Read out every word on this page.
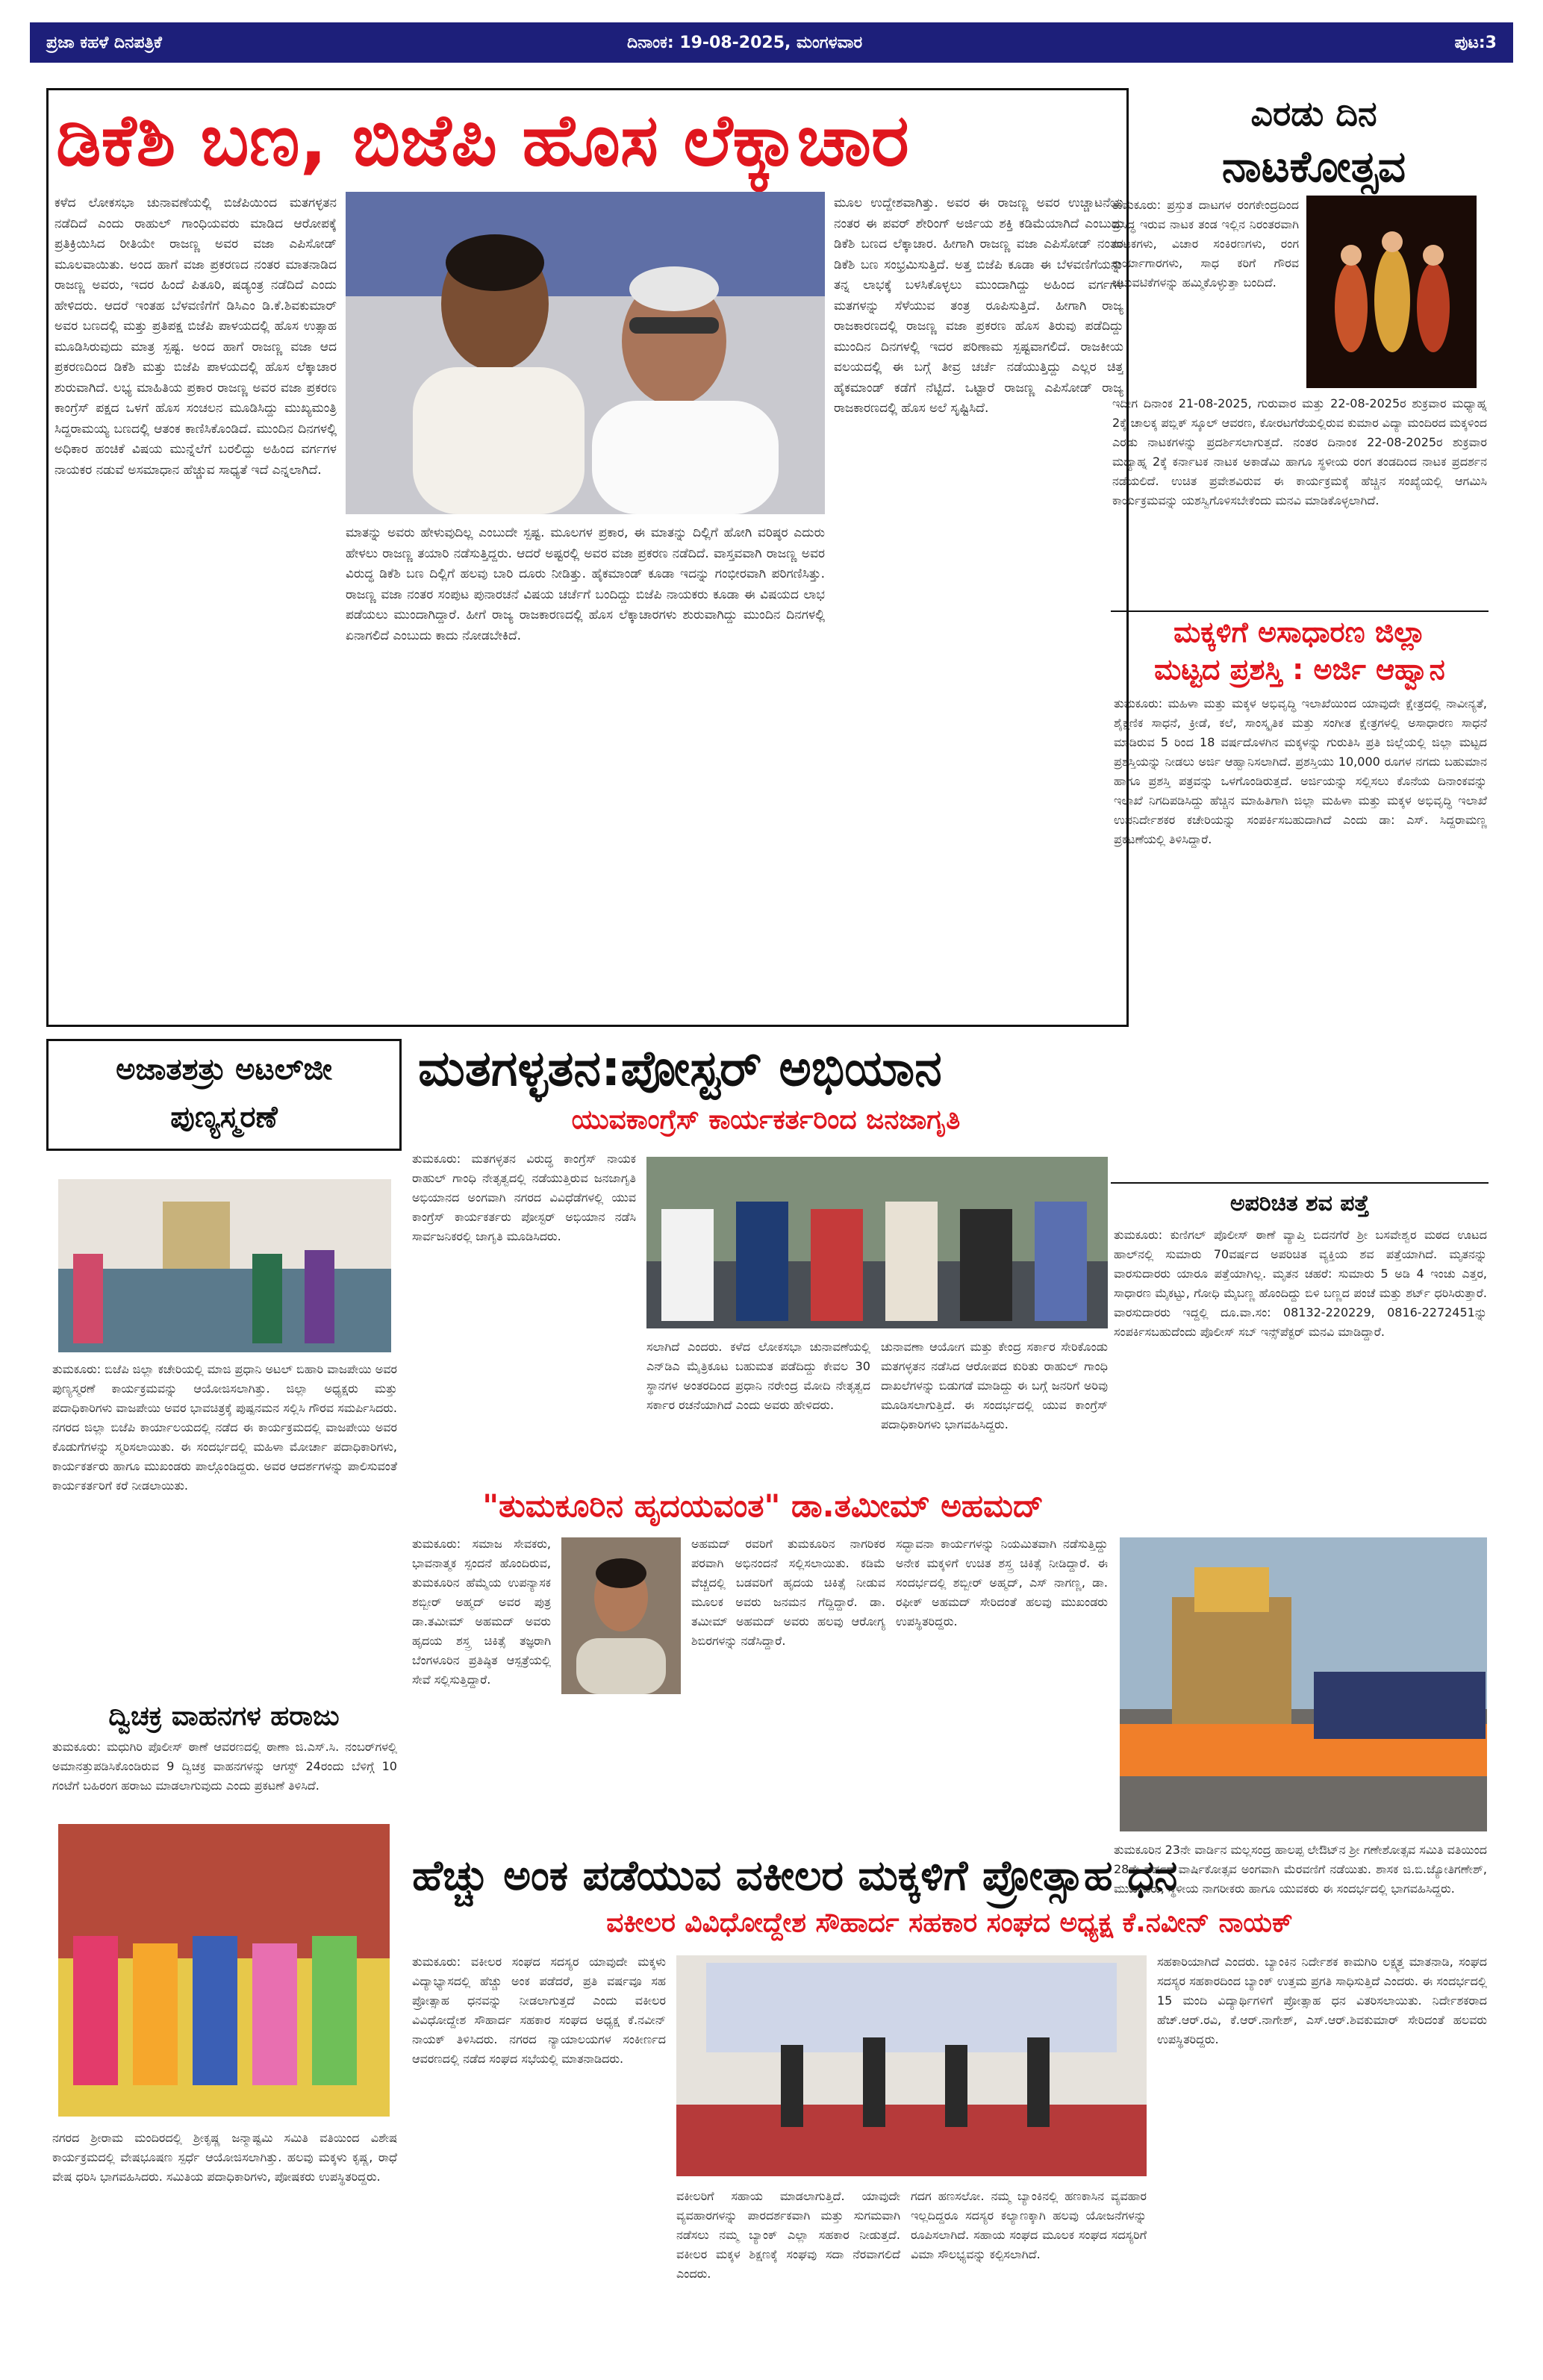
ಪ್ರಜಾ ಕಹಳೆ ದಿನಪತ್ರಿಕೆ	ದಿನಾಂಕ: 19-08-2025, ಮಂಗಳವಾರ	ಪುಟ:3
ಡಿಕೆಶಿ ಬಣ, ಬಿಜೆಪಿ ಹೊಸ ಲೆಕ್ಕಾಚಾರ
ಕಳೆದ ಲೋಕಸಭಾ ಚುನಾವಣೆಯಲ್ಲಿ ಬಿಜೆಪಿಯಿಂದ ಮತಗಳ್ಳತನ ನಡೆದಿದೆ ಎಂದು ರಾಹುಲ್ ಗಾಂಧಿಯವರು ಮಾಡಿದ ಆರೋಪಕ್ಕೆ ಪ್ರತಿಕ್ರಿಯಿಸಿದ ರೀತಿಯೇ ರಾಜಣ್ಣ ಅವರ ವಜಾ ಎಪಿಸೋಡ್ ಮೂಲವಾಯಿತು. ಅಂದ ಹಾಗೆ ವಜಾ ಪ್ರಕರಣದ ನಂತರ ಮಾತನಾಡಿದ ರಾಜಣ್ಣ ಅವರು, ಇದರ ಹಿಂದೆ ಪಿತೂರಿ, ಷಡ್ಯಂತ್ರ ನಡೆದಿದೆ ಎಂದು ಹೇಳಿದರು. ಆದರೆ ಇಂತಹ ಬೆಳವಣಿಗೆಗೆ ಡಿಸಿಎಂ ಡಿ.ಕೆ.ಶಿವಕುಮಾರ್ ಅವರ ಬಣದಲ್ಲಿ ಮತ್ತು ಪ್ರತಿಪಕ್ಷ ಬಿಜೆಪಿ ಪಾಳಯದಲ್ಲಿ ಹೊಸ ಉತ್ಸಾಹ ಮೂಡಿಸಿರುವುದು ಮಾತ್ರ ಸ್ಪಷ್ಟ. ಅಂದ ಹಾಗೆ ರಾಜಣ್ಣ ವಜಾ ಆದ ಪ್ರಕರಣದಿಂದ ಡಿಕೆಶಿ ಮತ್ತು ಬಿಜೆಪಿ ಪಾಳಯದಲ್ಲಿ ಹೊಸ ಲೆಕ್ಕಾಚಾರ ಶುರುವಾಗಿದೆ. ಲಭ್ಯ ಮಾಹಿತಿಯ ಪ್ರಕಾರ ರಾಜಣ್ಣ ಅವರ ವಜಾ ಪ್ರಕರಣ ಕಾಂಗ್ರೆಸ್ ಪಕ್ಷದ ಒಳಗೆ ಹೊಸ ಸಂಚಲನ ಮೂಡಿಸಿದ್ದು ಮುಖ್ಯಮಂತ್ರಿ ಸಿದ್ದರಾಮಯ್ಯ ಬಣದಲ್ಲಿ ಆತಂಕ ಕಾಣಿಸಿಕೊಂಡಿದೆ. ಮುಂದಿನ ದಿನಗಳಲ್ಲಿ ಅಧಿಕಾರ ಹಂಚಿಕೆ ವಿಷಯ ಮುನ್ನೆಲೆಗೆ ಬರಲಿದ್ದು ಅಹಿಂದ ವರ್ಗಗಳ ನಾಯಕರ ನಡುವೆ ಅಸಮಾಧಾನ ಹೆಚ್ಚುವ ಸಾಧ್ಯತೆ ಇದೆ ಎನ್ನಲಾಗಿದೆ.
ಮಾತನ್ನು ಅವರು ಹೇಳುವುದಿಲ್ಲ ಎಂಬುದೇ ಸ್ಪಷ್ಟ. ಮೂಲಗಳ ಪ್ರಕಾರ, ಈ ಮಾತನ್ನು ದಿಲ್ಲಿಗೆ ಹೋಗಿ ವರಿಷ್ಠರ ಎದುರು ಹೇಳಲು ರಾಜಣ್ಣ ತಯಾರಿ ನಡೆಸುತ್ತಿದ್ದರು. ಆದರೆ ಅಷ್ಟರಲ್ಲಿ ಅವರ ವಜಾ ಪ್ರಕರಣ ನಡೆದಿದೆ. ವಾಸ್ತವವಾಗಿ ರಾಜಣ್ಣ ಅವರ ವಿರುದ್ಧ ಡಿಕೆಶಿ ಬಣ ದಿಲ್ಲಿಗೆ ಹಲವು ಬಾರಿ ದೂರು ನೀಡಿತ್ತು. ಹೈಕಮಾಂಡ್ ಕೂಡಾ ಇದನ್ನು ಗಂಭೀರವಾಗಿ ಪರಿಗಣಿಸಿತ್ತು. ರಾಜಣ್ಣ ವಜಾ ನಂತರ ಸಂಪುಟ ಪುನಾರಚನೆ ವಿಷಯ ಚರ್ಚೆಗೆ ಬಂದಿದ್ದು ಬಿಜೆಪಿ ನಾಯಕರು ಕೂಡಾ ಈ ವಿಷಯದ ಲಾಭ ಪಡೆಯಲು ಮುಂದಾಗಿದ್ದಾರೆ. ಹೀಗೆ ರಾಜ್ಯ ರಾಜಕಾರಣದಲ್ಲಿ ಹೊಸ ಲೆಕ್ಕಾಚಾರಗಳು ಶುರುವಾಗಿದ್ದು ಮುಂದಿನ ದಿನಗಳಲ್ಲಿ ಏನಾಗಲಿದೆ ಎಂಬುದು ಕಾದು ನೋಡಬೇಕಿದೆ.
ಮೂಲ ಉದ್ದೇಶವಾಗಿತ್ತು. ಅವರ ಈ ರಾಜಣ್ಣ ಅವರ ಉಚ್ಚಾಟನೆಯ ನಂತರ ಈ ಪವರ್ ಶೇರಿಂಗ್ ಅರ್ಜಿಯ ಶಕ್ತಿ ಕಡಿಮೆಯಾಗಿದೆ ಎಂಬುದು ಡಿಕೆಶಿ ಬಣದ ಲೆಕ್ಕಾಚಾರ. ಹೀಗಾಗಿ ರಾಜಣ್ಣ ವಜಾ ಎಪಿಸೋಡ್ ನಂತರ ಡಿಕೆಶಿ ಬಣ ಸಂಭ್ರಮಿಸುತ್ತಿದೆ. ಅತ್ತ ಬಿಜೆಪಿ ಕೂಡಾ ಈ ಬೆಳವಣಿಗೆಯನ್ನು ತನ್ನ ಲಾಭಕ್ಕೆ ಬಳಸಿಕೊಳ್ಳಲು ಮುಂದಾಗಿದ್ದು ಅಹಿಂದ ವರ್ಗಗಳ ಮತಗಳನ್ನು ಸೆಳೆಯುವ ತಂತ್ರ ರೂಪಿಸುತ್ತಿದೆ. ಹೀಗಾಗಿ ರಾಜ್ಯ ರಾಜಕಾರಣದಲ್ಲಿ ರಾಜಣ್ಣ ವಜಾ ಪ್ರಕರಣ ಹೊಸ ತಿರುವು ಪಡೆದಿದ್ದು ಮುಂದಿನ ದಿನಗಳಲ್ಲಿ ಇದರ ಪರಿಣಾಮ ಸ್ಪಷ್ಟವಾಗಲಿದೆ. ರಾಜಕೀಯ ವಲಯದಲ್ಲಿ ಈ ಬಗ್ಗೆ ತೀವ್ರ ಚರ್ಚೆ ನಡೆಯುತ್ತಿದ್ದು ಎಲ್ಲರ ಚಿತ್ತ ಹೈಕಮಾಂಡ್ ಕಡೆಗೆ ನೆಟ್ಟಿದೆ. ಒಟ್ಟಾರೆ ರಾಜಣ್ಣ ಎಪಿಸೋಡ್ ರಾಜ್ಯ ರಾಜಕಾರಣದಲ್ಲಿ ಹೊಸ ಅಲೆ ಸೃಷ್ಟಿಸಿದೆ.
ಎರಡು ದಿನ
ನಾಟಕೋತ್ಸವ
ತುಮಕೂರು: ಪ್ರಸ್ತುತ ದಾಟಗಳ ರಂಗಕೇಂದ್ರದಿಂದ ಪ್ರಸಿದ್ಧ ಇರುವ ನಾಟಕ ತಂಡ ಇಲ್ಲಿನ ನಿರಂತರವಾಗಿ ನಾಟಕಗಳು, ವಿಚಾರ ಸಂಕಿರಣಗಳು, ರಂಗ ಕಾರ್ಯಾಗಾರಗಳು, ಸಾಧ ಕರಿಗೆ ಗೌರವ ಚಟುವಟಿಕೆಗಳನ್ನು ಹಮ್ಮಿಕೊಳ್ಳುತ್ತಾ ಬಂದಿದೆ.
ಇದೀಗ ದಿನಾಂಕ 21-08-2025, ಗುರುವಾರ ಮತ್ತು 22-08-2025ರ ಶುಕ್ರವಾರ ಮಧ್ಯಾಹ್ನ 2ಕ್ಕೆ ಚಾಲಕ್ಕ ಪಬ್ಲಿಕ್ ಸ್ಕೂಲ್ ಆವರಣ, ಕೋರಟಗೆರೆಯಲ್ಲಿರುವ ಕುಮಾರ ವಿದ್ಯಾ ಮಂದಿರದ ಮಕ್ಕಳಿಂದ ಎರಡು ನಾಟಕಗಳನ್ನು ಪ್ರದರ್ಶಿಸಲಾಗುತ್ತದೆ. ನಂತರ ದಿನಾಂಕ 22-08-2025ರ ಶುಕ್ರವಾರ ಮಧ್ಯಾಹ್ನ 2ಕ್ಕೆ ಕರ್ನಾಟಕ ನಾಟಕ ಅಕಾಡೆಮಿ ಹಾಗೂ ಸ್ಥಳೀಯ ರಂಗ ತಂಡದಿಂದ ನಾಟಕ ಪ್ರದರ್ಶನ ನಡೆಯಲಿದೆ. ಉಚಿತ ಪ್ರವೇಶವಿರುವ ಈ ಕಾರ್ಯಕ್ರಮಕ್ಕೆ ಹೆಚ್ಚಿನ ಸಂಖ್ಯೆಯಲ್ಲಿ ಆಗಮಿಸಿ ಕಾರ್ಯಕ್ರಮವನ್ನು ಯಶಸ್ವಿಗೊಳಿಸಬೇಕೆಂದು ಮನವಿ ಮಾಡಿಕೊಳ್ಳಲಾಗಿದೆ.
ಮಕ್ಕಳಿಗೆ ಅಸಾಧಾರಣ ಜಿಲ್ಲಾ
ಮಟ್ಟದ ಪ್ರಶಸ್ತಿ : ಅರ್ಜಿ ಆಹ್ವಾನ
ತುಮಕೂರು: ಮಹಿಳಾ ಮತ್ತು ಮಕ್ಕಳ ಅಭಿವೃದ್ಧಿ ಇಲಾಖೆಯಿಂದ ಯಾವುದೇ ಕ್ಷೇತ್ರದಲ್ಲಿ ನಾವೀನ್ಯತೆ, ಶೈಕ್ಷಣಿಕ ಸಾಧನೆ, ಕ್ರೀಡೆ, ಕಲೆ, ಸಾಂಸ್ಕೃತಿಕ ಮತ್ತು ಸಂಗೀತ ಕ್ಷೇತ್ರಗಳಲ್ಲಿ ಅಸಾಧಾರಣ ಸಾಧನೆ ಮಾಡಿರುವ 5 ರಿಂದ 18 ವರ್ಷದೊಳಗಿನ ಮಕ್ಕಳನ್ನು ಗುರುತಿಸಿ ಪ್ರತಿ ಜಿಲ್ಲೆಯಲ್ಲಿ ಜಿಲ್ಲಾ ಮಟ್ಟದ ಪ್ರಶಸ್ತಿಯನ್ನು ನೀಡಲು ಅರ್ಜಿ ಆಹ್ವಾನಿಸಲಾಗಿದೆ. ಪ್ರಶಸ್ತಿಯು 10,000 ರೂಗಳ ನಗದು ಬಹುಮಾನ ಹಾಗೂ ಪ್ರಶಸ್ತಿ ಪತ್ರವನ್ನು ಒಳಗೊಂಡಿರುತ್ತದೆ. ಅರ್ಜಿಯನ್ನು ಸಲ್ಲಿಸಲು ಕೊನೆಯ ದಿನಾಂಕವನ್ನು ಇಲಾಖೆ ನಿಗದಿಪಡಿಸಿದ್ದು ಹೆಚ್ಚಿನ ಮಾಹಿತಿಗಾಗಿ ಜಿಲ್ಲಾ ಮಹಿಳಾ ಮತ್ತು ಮಕ್ಕಳ ಅಭಿವೃದ್ಧಿ ಇಲಾಖೆ ಉಪನಿರ್ದೇಶಕರ ಕಚೇರಿಯನ್ನು ಸಂಪರ್ಕಿಸಬಹುದಾಗಿದೆ ಎಂದು ಡಾ: ಎಸ್. ಸಿದ್ದರಾಮಣ್ಣ ಪ್ರಕಟಣೆಯಲ್ಲಿ ತಿಳಿಸಿದ್ದಾರೆ.
ಅಪರಿಚಿತ ಶವ ಪತ್ತೆ
ತುಮಕೂರು: ಕುಣಿಗಲ್ ಪೊಲೀಸ್ ಠಾಣೆ ವ್ಯಾಪ್ತಿ ಬಿದನಗೆರೆ ಶ್ರೀ ಬಸವೇಶ್ವರ ಮಠದ ಊಟದ ಹಾಲ್‌ನಲ್ಲಿ ಸುಮಾರು 70ವರ್ಷದ ಅಪರಿಚಿತ ವ್ಯಕ್ತಿಯ ಶವ ಪತ್ತೆಯಾಗಿದೆ. ಮೃತನನ್ನು ವಾರಸುದಾರರು ಯಾರೂ ಪತ್ತೆಯಾಗಿಲ್ಲ. ಮೃತನ ಚಹರೆ: ಸುಮಾರು 5 ಅಡಿ 4 ಇಂಚು ಎತ್ತರ, ಸಾಧಾರಣ ಮೈಕಟ್ಟು, ಗೋಧಿ ಮೈಬಣ್ಣ ಹೊಂದಿದ್ದು ಬಿಳಿ ಬಣ್ಣದ ಪಂಚೆ ಮತ್ತು ಶರ್ಟ್ ಧರಿಸಿರುತ್ತಾರೆ. ವಾರಸುದಾರರು ಇದ್ದಲ್ಲಿ ದೂ.ವಾ.ಸಂ: 08132-220229, 0816-2272451ನ್ನು ಸಂಪರ್ಕಿಸಬಹುದೆಂದು ಪೊಲೀಸ್ ಸಬ್ ಇನ್ಸ್‌ಪೆಕ್ಟರ್ ಮನವಿ ಮಾಡಿದ್ದಾರೆ.
ತುಮಕೂರಿನ 23ನೇ ವಾರ್ಡಿನ ಮಲ್ಲಸಂದ್ರ ಹಾಲಪ್ಪ ಲೇಔಟ್‌ನ ಶ್ರೀ ಗಣೇಶೋತ್ಸವ ಸಮಿತಿ ವತಿಯಿಂದ 28ನೇ ವರ್ಷದ ವಾರ್ಷಿಕೋತ್ಸವ ಅಂಗವಾಗಿ ಮೆರವಣಿಗೆ ನಡೆಯಿತು. ಶಾಸಕ ಜಿ.ಬಿ.ಜ್ಯೋತಿಗಣೇಶ್, ಮುಖಂಡರು, ಸ್ಥಳೀಯ ನಾಗರೀಕರು ಹಾಗೂ ಯುವಕರು ಈ ಸಂದರ್ಭದಲ್ಲಿ ಭಾಗವಹಿಸಿದ್ದರು.
ಅಜಾತಶತ್ರು ಅಟಲ್‌ಜೀ
ಪುಣ್ಯಸ್ಮರಣೆ
ತುಮಕೂರು: ಬಿಜೆಪಿ ಜಿಲ್ಲಾ ಕಚೇರಿಯಲ್ಲಿ ಮಾಜಿ ಪ್ರಧಾನಿ ಅಟಲ್ ಬಿಹಾರಿ ವಾಜಪೇಯಿ ಅವರ ಪುಣ್ಯಸ್ಮರಣೆ ಕಾರ್ಯಕ್ರಮವನ್ನು ಆಯೋಜಿಸಲಾಗಿತ್ತು. ಜಿಲ್ಲಾ ಅಧ್ಯಕ್ಷರು ಮತ್ತು ಪದಾಧಿಕಾರಿಗಳು ವಾಜಪೇಯಿ ಅವರ ಭಾವಚಿತ್ರಕ್ಕೆ ಪುಷ್ಪನಮನ ಸಲ್ಲಿಸಿ ಗೌರವ ಸಮರ್ಪಿಸಿದರು. ನಗರದ ಜಿಲ್ಲಾ ಬಿಜೆಪಿ ಕಾರ್ಯಾಲಯದಲ್ಲಿ ನಡೆದ ಈ ಕಾರ್ಯಕ್ರಮದಲ್ಲಿ ವಾಜಪೇಯಿ ಅವರ ಕೊಡುಗೆಗಳನ್ನು ಸ್ಮರಿಸಲಾಯಿತು. ಈ ಸಂದರ್ಭದಲ್ಲಿ ಮಹಿಳಾ ಮೋರ್ಚಾ ಪದಾಧಿಕಾರಿಗಳು, ಕಾರ್ಯಕರ್ತರು ಹಾಗೂ ಮುಖಂಡರು ಪಾಲ್ಗೊಂಡಿದ್ದರು. ಅವರ ಆದರ್ಶಗಳನ್ನು ಪಾಲಿಸುವಂತೆ ಕಾರ್ಯಕರ್ತರಿಗೆ ಕರೆ ನೀಡಲಾಯಿತು.
ದ್ವಿಚಕ್ರ ವಾಹನಗಳ ಹರಾಜು
ತುಮಕೂರು: ಮಧುಗಿರಿ ಪೊಲೀಸ್ ಠಾಣೆ ಆವರಣದಲ್ಲಿ ಠಾಣಾ ಜಿ.ಎಸ್.ಸಿ. ನಂಬರ್‌ಗಳಲ್ಲಿ ಅಮಾನತ್ತುಪಡಿಸಿಕೊಂಡಿರುವ 9 ದ್ವಿಚಕ್ರ ವಾಹನಗಳನ್ನು ಆಗಸ್ಟ್ 24ರಂದು ಬೆಳಿಗ್ಗೆ 10 ಗಂಟೆಗೆ ಬಹಿರಂಗ ಹರಾಜು ಮಾಡಲಾಗುವುದು ಎಂದು ಪ್ರಕಟಣೆ ತಿಳಿಸಿದೆ.
ನಗರದ ಶ್ರೀರಾಮ ಮಂದಿರದಲ್ಲಿ ಶ್ರೀಕೃಷ್ಣ ಜನ್ಮಾಷ್ಟಮಿ ಸಮಿತಿ ವತಿಯಿಂದ ವಿಶೇಷ ಕಾರ್ಯಕ್ರಮದಲ್ಲಿ ವೇಷಭೂಷಣ ಸ್ಪರ್ಧೆ ಆಯೋಜಿಸಲಾಗಿತ್ತು. ಹಲವು ಮಕ್ಕಳು ಕೃಷ್ಣ, ರಾಧೆ ವೇಷ ಧರಿಸಿ ಭಾಗವಹಿಸಿದರು. ಸಮಿತಿಯ ಪದಾಧಿಕಾರಿಗಳು, ಪೋಷಕರು ಉಪಸ್ಥಿತರಿದ್ದರು.
ಮತಗಳ್ಳತನ:ಪೋಸ್ಟರ್ ಅಭಿಯಾನ
ಯುವಕಾಂಗ್ರೆಸ್ ಕಾರ್ಯಕರ್ತರಿಂದ ಜನಜಾಗೃತಿ
ತುಮಕೂರು: ಮತಗಳ್ಳತನ ವಿರುದ್ಧ ಕಾಂಗ್ರೆಸ್ ನಾಯಕ ರಾಹುಲ್ ಗಾಂಧಿ ನೇತೃತ್ವದಲ್ಲಿ ನಡೆಯುತ್ತಿರುವ ಜನಜಾಗೃತಿ ಅಭಿಯಾನದ ಅಂಗವಾಗಿ ನಗರದ ವಿವಿಧೆಡೆಗಳಲ್ಲಿ ಯುವ ಕಾಂಗ್ರೆಸ್ ಕಾರ್ಯಕರ್ತರು ಪೋಸ್ಟರ್ ಅಭಿಯಾನ ನಡೆಸಿ ಸಾರ್ವಜನಿಕರಲ್ಲಿ ಜಾಗೃತಿ ಮೂಡಿಸಿದರು.
ಸಲಾಗಿದೆ ಎಂದರು. ಕಳೆದ ಲೋಕಸಭಾ ಚುನಾವಣೆಯಲ್ಲಿ ಎನ್‌ಡಿಎ ಮೈತ್ರಿಕೂಟ ಬಹುಮತ ಪಡೆದಿದ್ದು ಕೇವಲ 30 ಸ್ಥಾನಗಳ ಅಂತರದಿಂದ ಪ್ರಧಾನಿ ನರೇಂದ್ರ ಮೋದಿ ನೇತೃತ್ವದ ಸರ್ಕಾರ ರಚನೆಯಾಗಿದೆ ಎಂದು ಅವರು ಹೇಳಿದರು.
ಚುನಾವಣಾ ಆಯೋಗ ಮತ್ತು ಕೇಂದ್ರ ಸರ್ಕಾರ ಸೇರಿಕೊಂಡು ಮತಗಳ್ಳತನ ನಡೆಸಿದ ಆರೋಪದ ಕುರಿತು ರಾಹುಲ್ ಗಾಂಧಿ ದಾಖಲೆಗಳನ್ನು ಬಿಡುಗಡೆ ಮಾಡಿದ್ದು ಈ ಬಗ್ಗೆ ಜನರಿಗೆ ಅರಿವು ಮೂಡಿಸಲಾಗುತ್ತಿದೆ. ಈ ಸಂದರ್ಭದಲ್ಲಿ ಯುವ ಕಾಂಗ್ರೆಸ್ ಪದಾಧಿಕಾರಿಗಳು ಭಾಗವಹಿಸಿದ್ದರು.
"ತುಮಕೂರಿನ ಹೃದಯವಂತ" ಡಾ.ತಮೀಮ್ ಅಹಮದ್
ತುಮಕೂರು: ಸಮಾಜ ಸೇವಕರು, ಭಾವನಾತ್ಮಕ ಸ್ಪಂದನೆ ಹೊಂದಿರುವ, ತುಮಕೂರಿನ ಹೆಮ್ಮೆಯ ಉಪನ್ಯಾಸಕ ಶಬ್ಬೀರ್ ಅಹ್ಮದ್ ಅವರ ಪುತ್ರ ಡಾ.ತಮೀಮ್ ಅಹಮದ್ ಅವರು ಹೃದಯ ಶಸ್ತ್ರ ಚಿಕಿತ್ಸೆ ತಜ್ಞರಾಗಿ ಬೆಂಗಳೂರಿನ ಪ್ರತಿಷ್ಠಿತ ಆಸ್ಪತ್ರೆಯಲ್ಲಿ ಸೇವೆ ಸಲ್ಲಿಸುತ್ತಿದ್ದಾರೆ.
ಅಹಮದ್ ರವರಿಗೆ ತುಮಕೂರಿನ ನಾಗರಿಕರ ಪರವಾಗಿ ಅಭಿನಂದನೆ ಸಲ್ಲಿಸಲಾಯಿತು. ಕಡಿಮೆ ವೆಚ್ಚದಲ್ಲಿ ಬಡವರಿಗೆ ಹೃದಯ ಚಿಕಿತ್ಸೆ ನೀಡುವ ಮೂಲಕ ಅವರು ಜನಮನ ಗೆದ್ದಿದ್ದಾರೆ. ಡಾ. ತಮೀಮ್ ಅಹಮದ್ ಅವರು ಹಲವು ಆರೋಗ್ಯ ಶಿಬಿರಗಳನ್ನು ನಡೆಸಿದ್ದಾರೆ.
ಸದ್ಭಾವನಾ ಕಾರ್ಯಗಳನ್ನು ನಿಯಮಿತವಾಗಿ ನಡೆಸುತ್ತಿದ್ದು ಅನೇಕ ಮಕ್ಕಳಿಗೆ ಉಚಿತ ಶಸ್ತ್ರ ಚಿಕಿತ್ಸೆ ನೀಡಿದ್ದಾರೆ. ಈ ಸಂದರ್ಭದಲ್ಲಿ ಶಬ್ಬೀರ್ ಅಹ್ಮದ್, ಎಸ್ ನಾಗಣ್ಣ, ಡಾ. ರಫೀಕ್ ಅಹಮದ್ ಸೇರಿದಂತೆ ಹಲವು ಮುಖಂಡರು ಉಪಸ್ಥಿತರಿದ್ದರು.
ಹೆಚ್ಚು ಅಂಕ ಪಡೆಯುವ ವಕೀಲರ ಮಕ್ಕಳಿಗೆ ಪ್ರೋತ್ಸಾಹ ಧನ
ವಕೀಲರ ವಿವಿಧೋದ್ದೇಶ ಸೌಹಾರ್ದ ಸಹಕಾರ ಸಂಘದ ಅಧ್ಯಕ್ಷ ಕೆ.ನವೀನ್ ನಾಯಕ್
ತುಮಕೂರು: ವಕೀಲರ ಸಂಘದ ಸದಸ್ಯರ ಯಾವುದೇ ಮಕ್ಕಳು ವಿದ್ಯಾಭ್ಯಾಸದಲ್ಲಿ ಹೆಚ್ಚು ಅಂಕ ಪಡೆದರೆ, ಪ್ರತಿ ವರ್ಷವೂ ಸಹ ಪ್ರೋತ್ಸಾಹ ಧನವನ್ನು ನೀಡಲಾಗುತ್ತದೆ ಎಂದು ವಕೀಲರ ವಿವಿಧೋದ್ದೇಶ ಸೌಹಾರ್ದ ಸಹಕಾರ ಸಂಘದ ಅಧ್ಯಕ್ಷ ಕೆ.ನವೀನ್ ನಾಯಕ್ ತಿಳಿಸಿದರು. ನಗರದ ನ್ಯಾಯಾಲಯಗಳ ಸಂಕೀರ್ಣದ ಆವರಣದಲ್ಲಿ ನಡೆದ ಸಂಘದ ಸಭೆಯಲ್ಲಿ ಮಾತನಾಡಿದರು.
ವಕೀಲರಿಗೆ ಸಹಾಯ ಮಾಡಲಾಗುತ್ತಿದೆ. ಯಾವುದೇ ವ್ಯವಹಾರಗಳನ್ನು ಪಾರದರ್ಶಕವಾಗಿ ಮತ್ತು ಸುಗಮವಾಗಿ ನಡೆಸಲು ನಮ್ಮ ಬ್ಯಾಂಕ್ ಎಲ್ಲಾ ಸಹಕಾರ ನೀಡುತ್ತದೆ. ವಕೀಲರ ಮಕ್ಕಳ ಶಿಕ್ಷಣಕ್ಕೆ ಸಂಘವು ಸದಾ ನೆರವಾಗಲಿದೆ ಎಂದರು.
ಗದಗ ಹಣಸಲೋ. ನಮ್ಮ ಬ್ಯಾಂಕಿನಲ್ಲಿ ಹಣಕಾಸಿನ ವ್ಯವಹಾರ ಇಲ್ಲದಿದ್ದರೂ ಸದಸ್ಯರ ಕಲ್ಯಾಣಕ್ಕಾಗಿ ಹಲವು ಯೋಜನೆಗಳನ್ನು ರೂಪಿಸಲಾಗಿದೆ. ಸಹಾಯ ಸಂಘದ ಮೂಲಕ ಸಂಘದ ಸದಸ್ಯರಿಗೆ ವಿಮಾ ಸೌಲಭ್ಯವನ್ನು ಕಲ್ಪಿಸಲಾಗಿದೆ.
ಸಹಕಾರಿಯಾಗಿದೆ ಎಂದರು. ಬ್ಯಾಂಕಿನ ನಿರ್ದೇಶಕ ಕಾಮಗಿರಿ ಲಕ್ಷ್ಮತ್ತ ಮಾತನಾಡಿ, ಸಂಘದ ಸದಸ್ಯರ ಸಹಕಾರದಿಂದ ಬ್ಯಾಂಕ್ ಉತ್ತಮ ಪ್ರಗತಿ ಸಾಧಿಸುತ್ತಿದೆ ಎಂದರು. ಈ ಸಂದರ್ಭದಲ್ಲಿ 15 ಮಂದಿ ವಿದ್ಯಾರ್ಥಿಗಳಿಗೆ ಪ್ರೋತ್ಸಾಹ ಧನ ವಿತರಿಸಲಾಯಿತು. ನಿರ್ದೇಶಕರಾದ ಹೆಚ್.ಆರ್.ರವಿ, ಕೆ.ಆರ್.ನಾಗೇಶ್, ಎಸ್.ಆರ್.ಶಿವಕುಮಾರ್ ಸೇರಿದಂತೆ ಹಲವರು ಉಪಸ್ಥಿತರಿದ್ದರು.
